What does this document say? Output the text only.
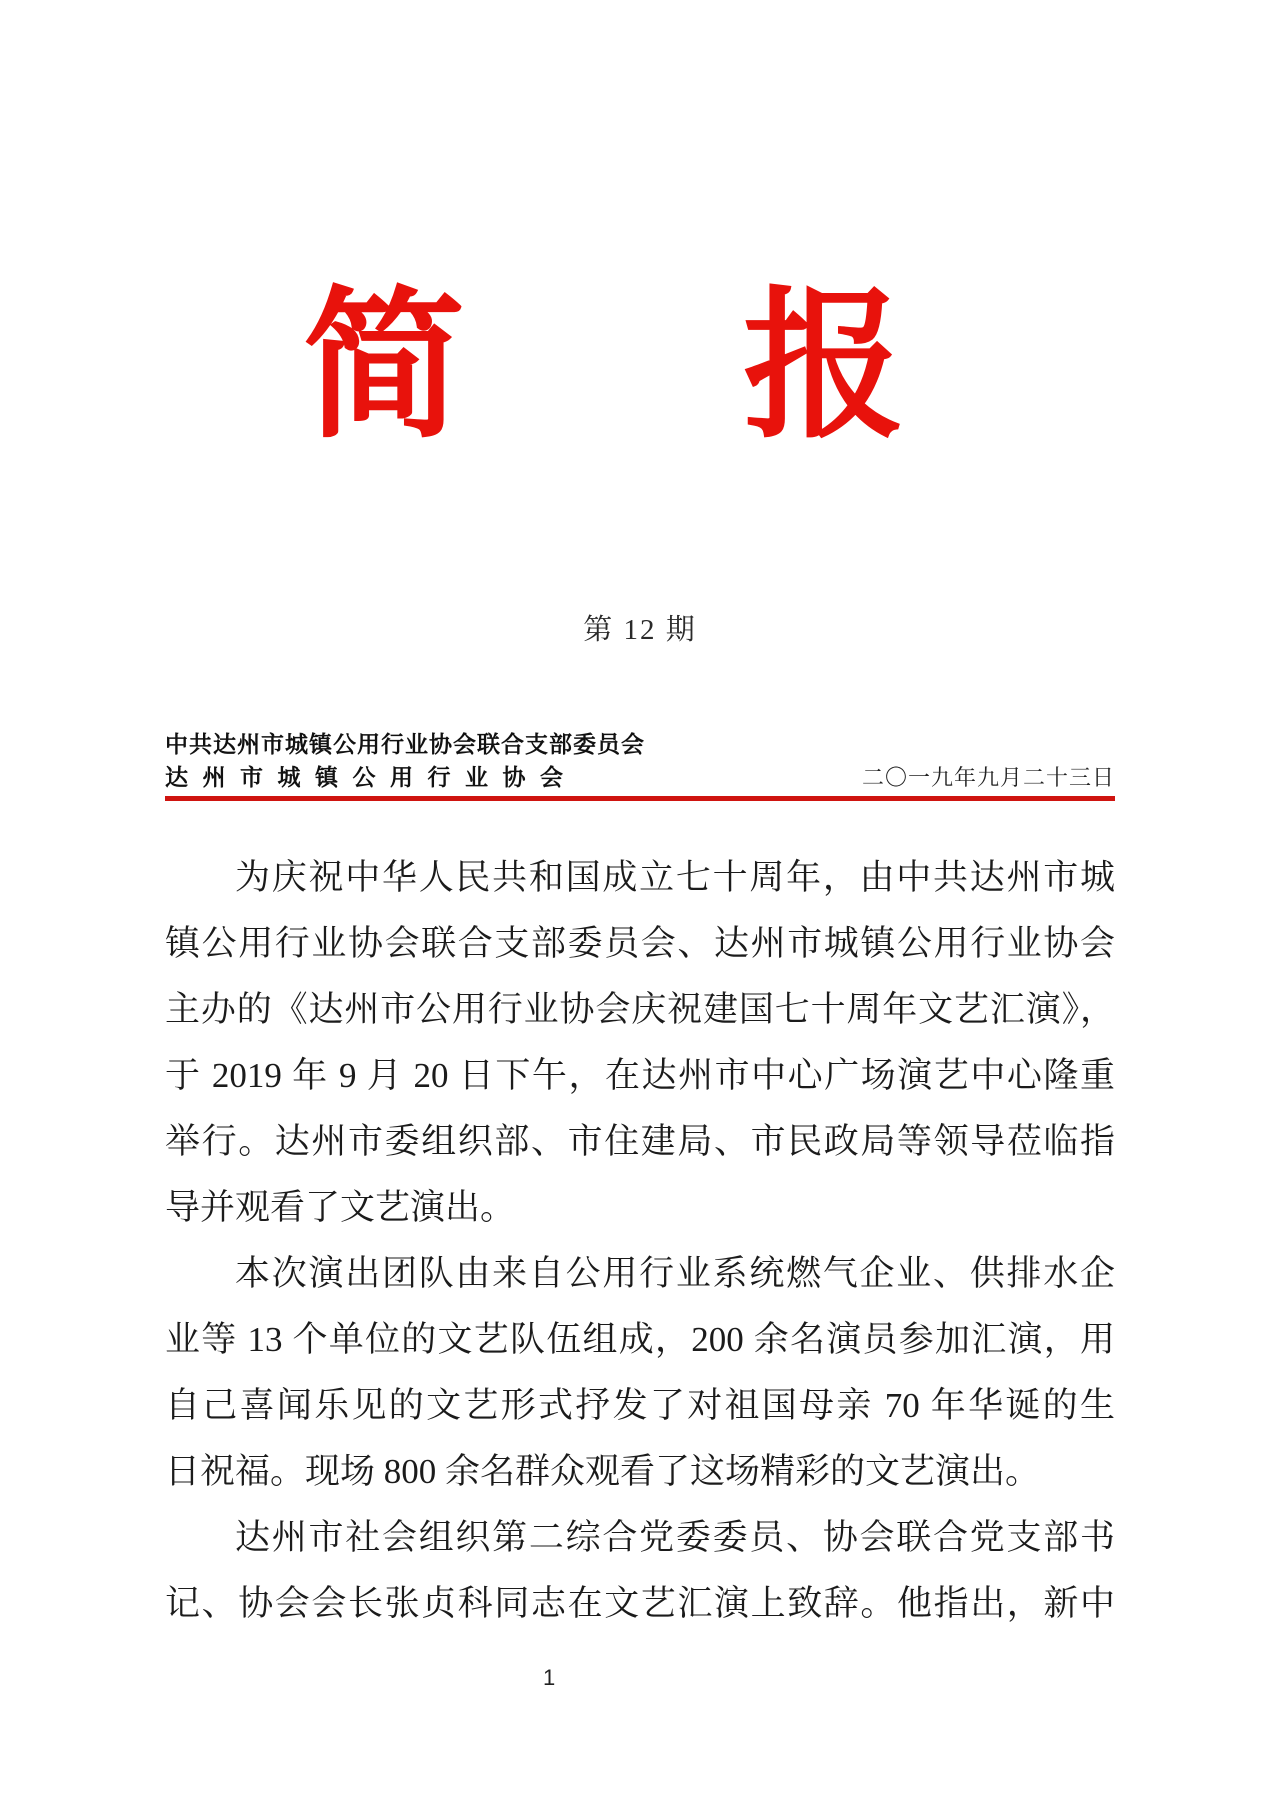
简 报
第 12 期
中共达州市城镇公用行业协会联合支部委员会
达州市城镇公用行业协会	二〇一九年九月二十三日
为庆祝中华人民共和国成立七十周年，由中共达州市城
镇公用行业协会联合支部委员会、达州市城镇公用行业协会
主办的《达州市公用行业协会庆祝建国七十周年文艺汇演》，
于 2019 年 9 月 20 日下午，在达州市中心广场演艺中心隆重
举行。达州市委组织部、市住建局、市民政局等领导莅临指
导并观看了文艺演出。
本次演出团队由来自公用行业系统燃气企业、供排水企
业等 13 个单位的文艺队伍组成，200 余名演员参加汇演，用
自己喜闻乐见的文艺形式抒发了对祖国母亲 70 年华诞的生
日祝福。现场 800 余名群众观看了这场精彩的文艺演出。
达州市社会组织第二综合党委委员、协会联合党支部书
记、协会会长张贞科同志在文艺汇演上致辞。他指出，新中
1
